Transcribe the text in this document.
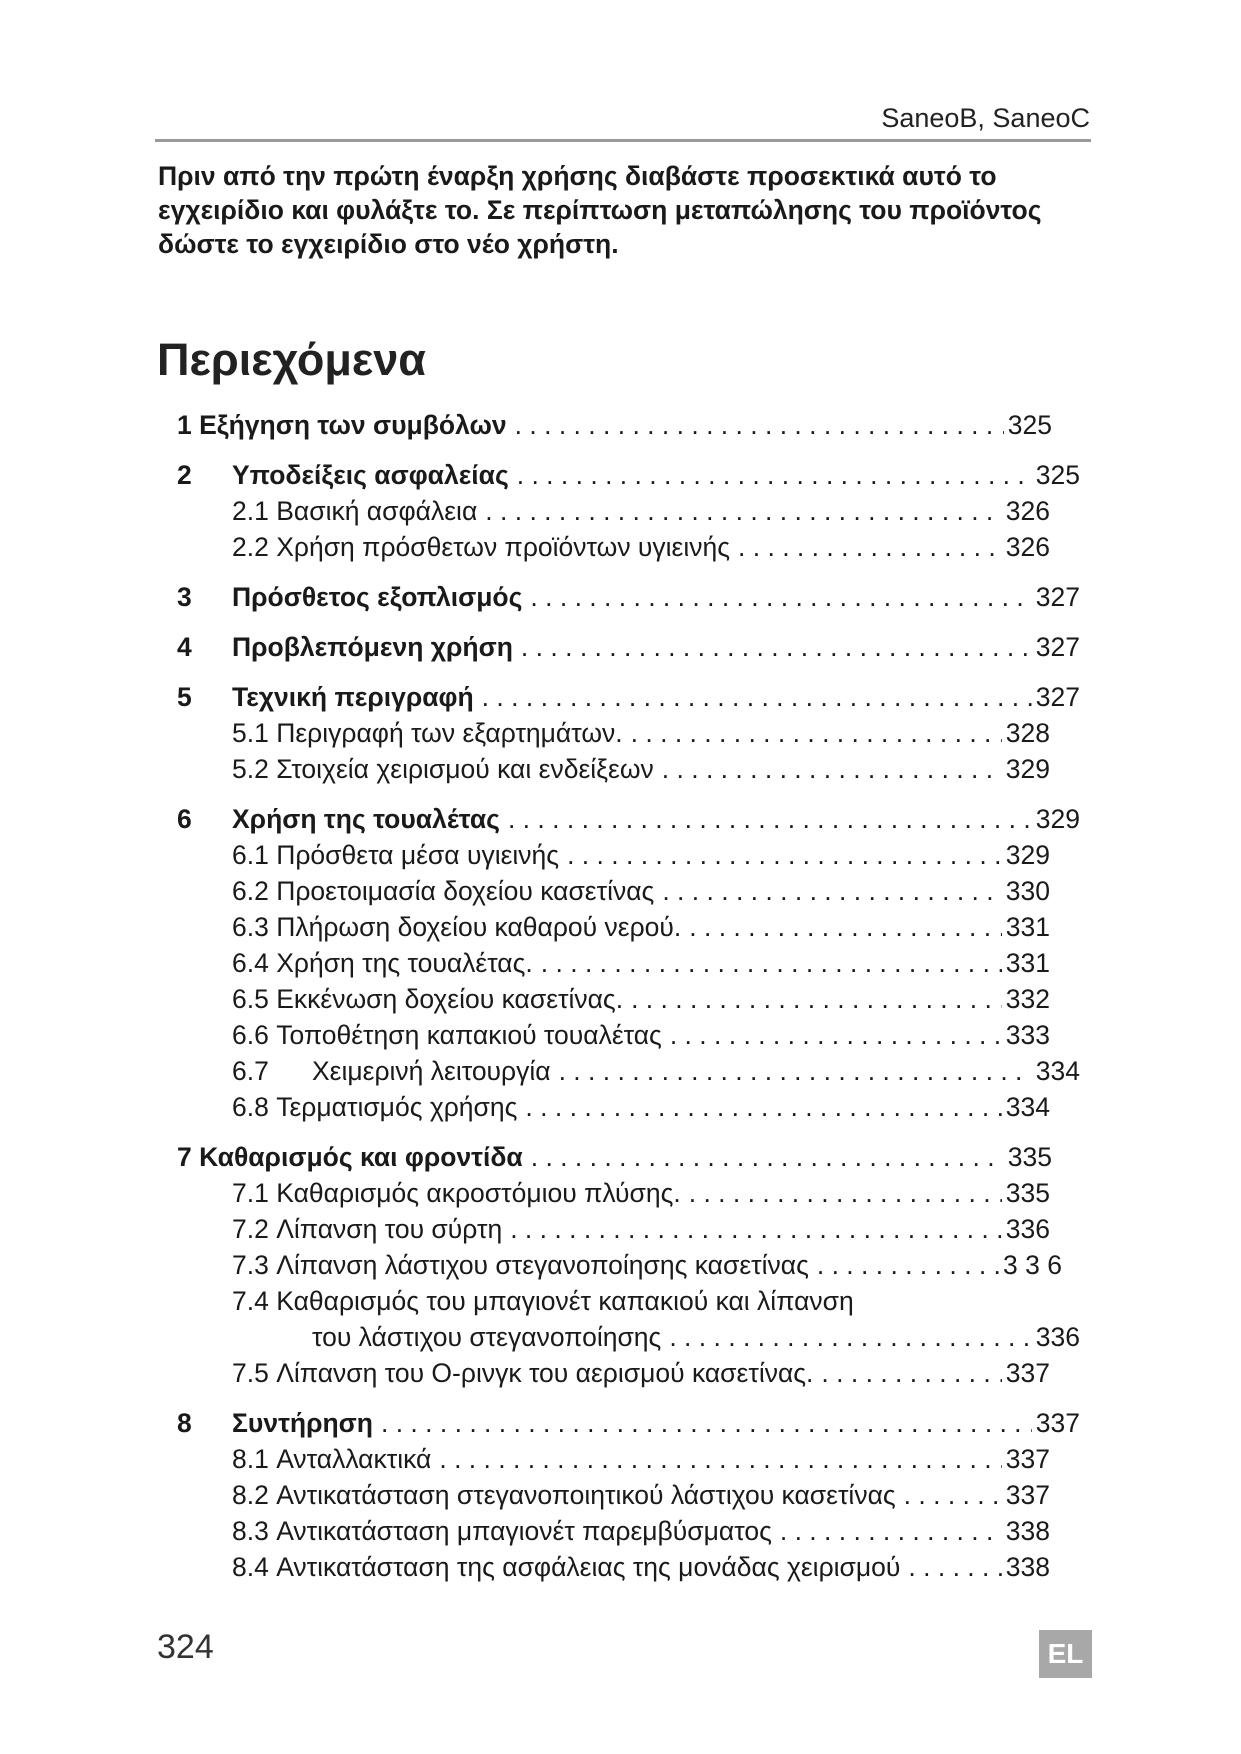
SaneoB, SaneoC
Πριν από την πρώτη έναρξη χρήσης διαβάστε προσεκτικά αυτό το εγχειρίδιο και φυλάξτε το. Σε περίπτωση μεταπώλησης του προϊόντος δώστε το εγχειρίδιο στο νέο χρήστη.
Περιεχόμενα
1 Εξήγηση των συμβόλων . . .	325
2 Υποδείξεις ασφαλείας . . .	325
2.1 Βασική ασφάλεια . . .	326
2.2 Χρήση πρόσθετων προϊόντων υγιεινής . . .	326
3 Πρόσθετος εξοπλισμός . . .	327
4 Προβλεπόμενη χρήση . . .	327
5 Τεχνική περιγραφή . . .	327
5.1 Περιγραφή των εξαρτημάτων. . . .	328
5.2 Στοιχεία χειρισμού και ενδείξεων . . .	329
6 Χρήση της τουαλέτας . . .	329
6.1 Πρόσθετα μέσα υγιεινής . . .	329
6.2 Προετοιμασία δοχείου κασετίνας . . .	330
6.3 Πλήρωση δοχείου καθαρού νερού. . . .	331
6.4 Χρήση της τουαλέτας. . . .	331
6.5 Εκκένωση δοχείου κασετίνας. . . .	332
6.6 Τοποθέτηση καπακιού τουαλέτας . . .	333
6.7 Χειμερινή λειτουργία . . .	334
6.8 Τερματισμός χρήσης . . .	334
7 Καθαρισμός και φροντίδα . . .	335
7.1 Καθαρισμός ακροστόμιου πλύσης. . . .	335
7.2 Λίπανση του σύρτη . . .	336
7.3 Λίπανση λάστιχου στεγανοποίησης κασετίνας . . .	3 3 6
7.4 Καθαρισμός του μπαγιονέτ καπακιού και λίπανση
του λάστιχου στεγανοποίησης . . .	336
7.5 Λίπανση του Ο-ρινγκ του αερισμού κασετίνας. . . .	337
8 Συντήρηση . . .	337
8.1 Ανταλλακτικά . . .	337
8.2 Αντικατάσταση στεγανοποιητικού λάστιχου κασετίνας . . .	337
8.3 Αντικατάσταση μπαγιονέτ παρεμβύσματος . . .	338
8.4 Αντικατάσταση της ασφάλειας της μονάδας χειρισμού . . .	338
324	EL
